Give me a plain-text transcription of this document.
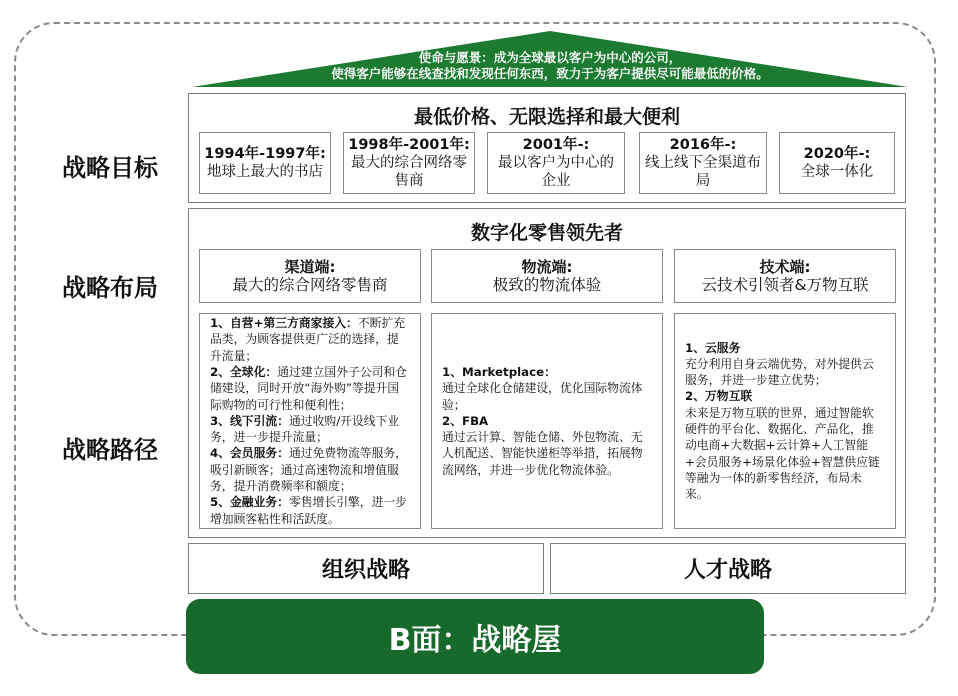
使命与愿景：成为全球最以客户为中心的公司，
使得客户能够在线查找和发现任何东西，致力于为客户提供尽可能最低的价格。
战略目标
战略布局
战略路径
最低价格、无限选择和最大便利
1994年-1997年:
地球上最大的书店
1998年-2001年:
最大的综合网络零售商
2001年-:
最以客户为中心的企业
2016年-:
线上线下全渠道布局
2020年-:
全球一体化
数字化零售领先者
渠道端:
最大的综合网络零售商
物流端:
极致的物流体验
技术端:
云技术引领者&万物互联

1、自营+第三方商家接入：不断扩充品类，为顾客提供更广泛的选择，提升流量；

2、全球化：通过建立国外子公司和仓储建设，同时开放“海外购”等提升国际购物的可行性和便利性；

3、线下引流：通过收购/开设线下业务，进一步提升流量；

4、会员服务：通过免费物流等服务，吸引新顾客；通过高速物流和增值服务，提升消费频率和额度；

5、金融业务：零售增长引擎，进一步增加顾客粘性和活跃度。

1、Marketplace：
通过全球化仓储建设，优化国际物流体验；

2、FBA
通过云计算、智能仓储、外包物流、无人机配送、智能快递柜等举措，拓展物流网络，并进一步优化物流体验。

1、云服务
充分利用自身云端优势，对外提供云服务，并进一步建立优势；

2、万物互联
未来是万物互联的世界，通过智能软硬件的平台化、数据化、产品化，推动电商+大数据+云计算+人工智能+会员服务+场景化体验+智慧供应链等融为一体的新零售经济，布局未来。

组织战略	人才战略
B面：战略屋
